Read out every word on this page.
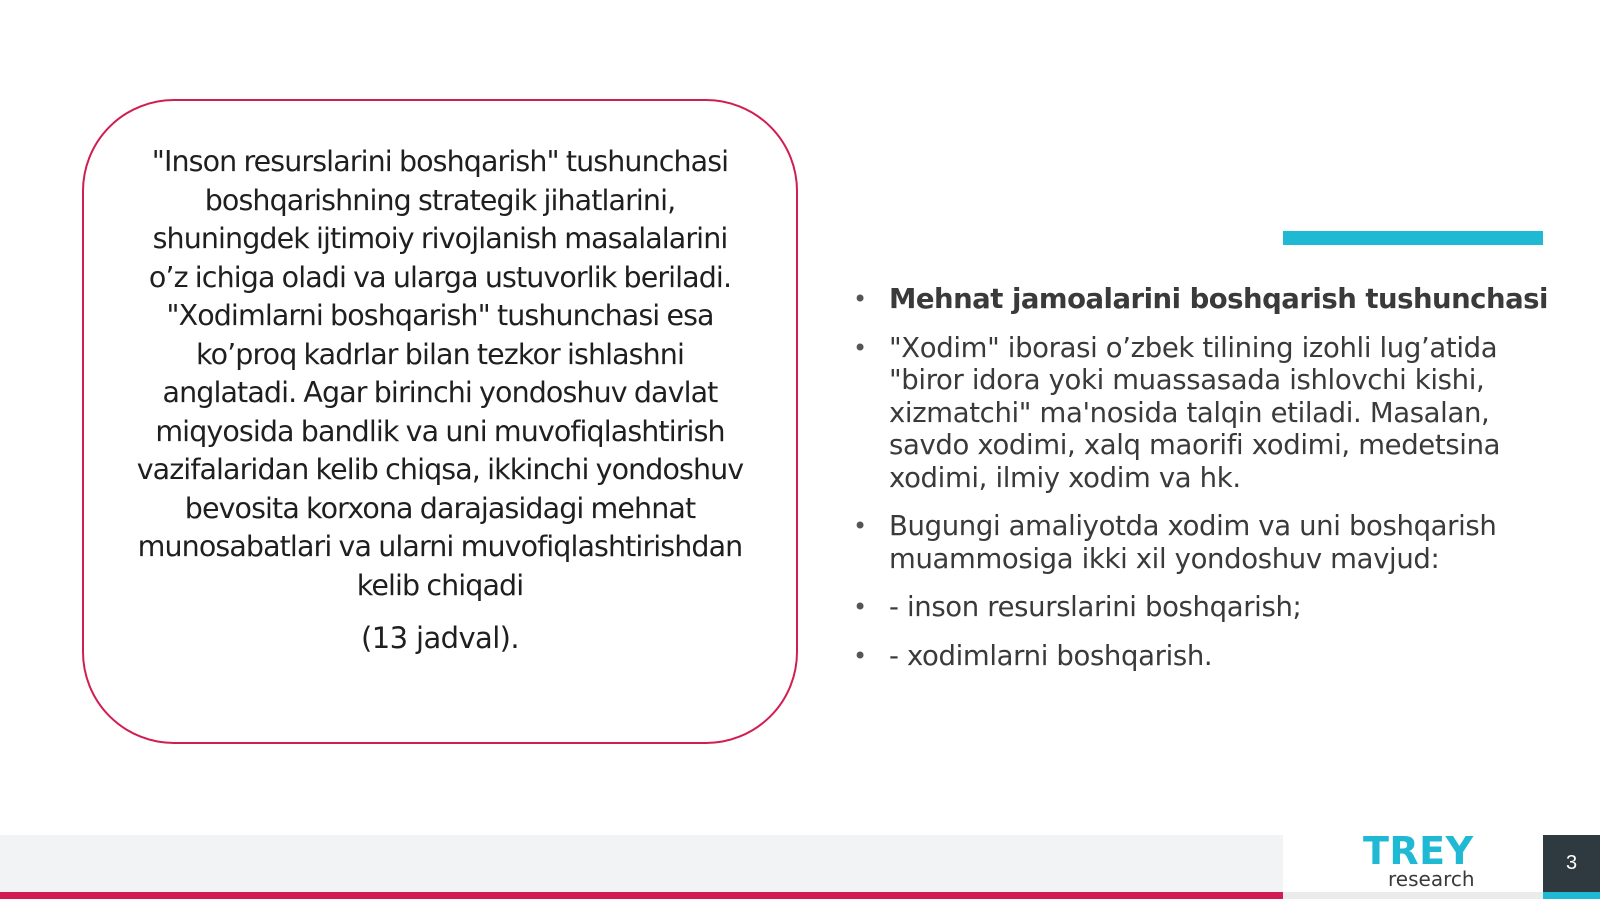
"Inson resurslarini boshqarish" tushunchasi boshqarishning strategik jihatlarini, shuningdek ijtimoiy rivojlanish masalalarini o’z ichiga oladi va ularga ustuvorlik beriladi. "Xodimlarni boshqarish" tushunchasi esa ko’proq kadrlar bilan tezkor ishlashni anglatadi. Agar birinchi yondoshuv davlat miqyosida bandlik va uni muvofiqlashtirish vazifalaridan kelib chiqsa, ikkinchi yondoshuv bevosita korxona darajasidagi mehnat munosabatlari va ularni muvofiqlashtirishdan kelib chiqadi

(13 jadval).

• Mehnat jamoalarini boshqarish tushunchasi
• "Xodim" iborasi o’zbek tilining izohli lug’atida "biror idora yoki muassasada ishlovchi kishi, xizmatchi" ma'nosida talqin etiladi. Masalan, savdo xodimi, xalq maorifi xodimi, medetsina xodimi, ilmiy xodim va hk.
• Bugungi amaliyotda xodim va uni boshqarish muammosiga ikki xil yondoshuv mavjud:
• - inson resurslarini boshqarish;
• - xodimlarni boshqarish.
TREY
research
3
